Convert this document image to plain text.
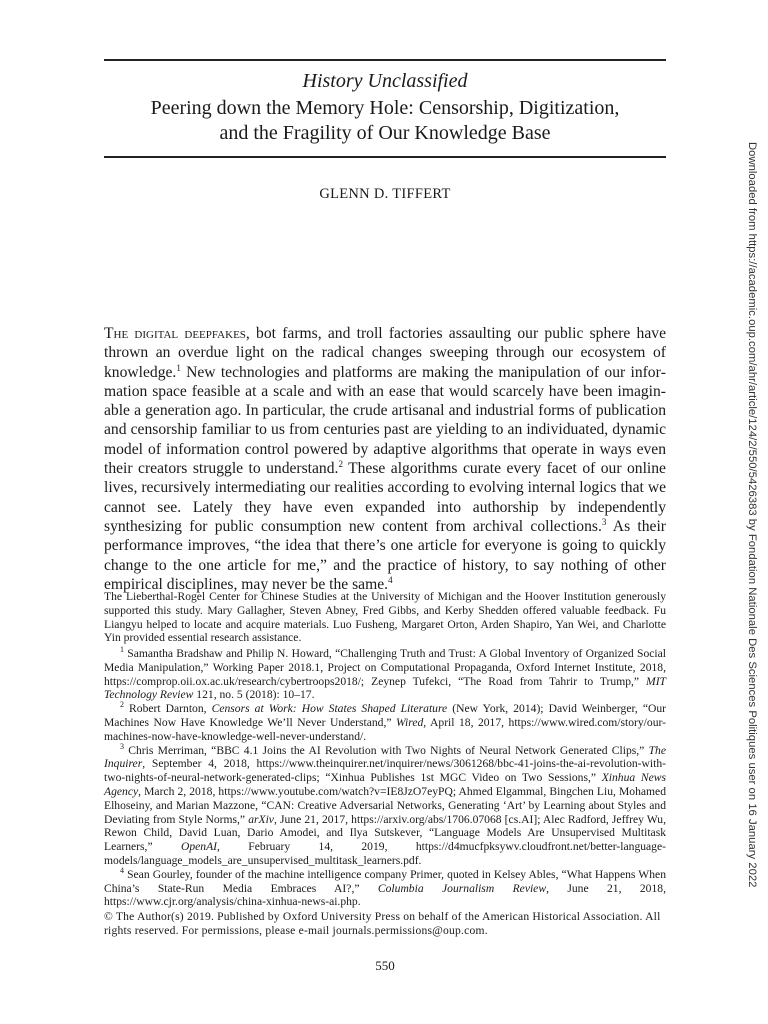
History Unclassified

Peering down the Memory Hole: Censorship, Digitization,
and the Fragility of Our Knowledge Base
GLENN D. TIFFERT

The digital deepfakes, bot farms, and troll factories assaulting our public sphere have thrown an overdue light on the radical changes sweeping through our ecosystem of knowledge.$^1$ New technologies and platforms are making the manipulation of our information space feasible at a scale and with an ease that would scarcely have been imaginable a generation ago. In particular, the crude artisanal and industrial forms of publication and censorship familiar to us from centuries past are yielding to an individuated, dynamic model of information control powered by adaptive algorithms that operate in ways even their creators struggle to understand.$^2$ These algorithms curate every facet of our online lives, recursively intermediating our realities according to evolving internal logics that we cannot see. Lately they have even expanded into authorship by independently synthesizing for public consumption new content from archival collections.$^3$ As their performance improves, “the idea that there’s one article for everyone is going to quickly change to the one article for me,” and the practice of history, to say nothing of other empirical disciplines, may never be the same.$^4$

The Lieberthal-Rogel Center for Chinese Studies at the University of Michigan and the Hoover Institution generously supported this study. Mary Gallagher, Steven Abney, Fred Gibbs, and Kerby Shedden offered valuable feedback. Fu Liangyu helped to locate and acquire materials. Luo Fusheng, Margaret Orton, Arden Shapiro, Yan Wei, and Charlotte Yin provided essential research assistance.

$^1$ Samantha Bradshaw and Philip N. Howard, “Challenging Truth and Trust: A Global Inventory of Organized Social Media Manipulation,” Working Paper 2018.1, Project on Computational Propaganda, Oxford Internet Institute, 2018, https://comprop.oii.ox.ac.uk/research/cybertroops2018/; Zeynep Tufekci, “The Road from Tahrir to Trump,” MIT Technology Review 121, no. 5 (2018): 10–17.

$^2$ Robert Darnton, Censors at Work: How States Shaped Literature (New York, 2014); David Weinberger, “Our Machines Now Have Knowledge We’ll Never Understand,” Wired, April 18, 2017, https://www.wired.com/story/our-machines-now-have-knowledge-well-never-understand/.

$^3$ Chris Merriman, “BBC 4.1 Joins the AI Revolution with Two Nights of Neural Network Generated Clips,” The Inquirer, September 4, 2018, https://www.theinquirer.net/inquirer/news/3061268/bbc-41-joins-the-ai-revolution-with-two-nights-of-neural-network-generated-clips; “Xinhua Publishes 1st MGC Video on Two Sessions,” Xinhua News Agency, March 2, 2018, https://www.youtube.com/watch?v=IE8JzO7eyPQ; Ahmed Elgammal, Bingchen Liu, Mohamed Elhoseiny, and Marian Mazzone, “CAN: Creative Adversarial Networks, Generating ‘Art’ by Learning about Styles and Deviating from Style Norms,” arXiv, June 21, 2017, https://arxiv.org/abs/1706.07068 [cs.AI]; Alec Radford, Jeffrey Wu, Rewon Child, David Luan, Dario Amodei, and Ilya Sutskever, “Language Models Are Unsupervised Multitask Learners,” OpenAI, February 14, 2019, https://d4mucfpksywv.cloudfront.net/better-language-models/language_models_are_unsupervised_multitask_learners.pdf.

$^4$ Sean Gourley, founder of the machine intelligence company Primer, quoted in Kelsey Ables, “What Happens When China’s State-Run Media Embraces AI?,” Columbia Journalism Review, June 21, 2018, https://www.cjr.org/analysis/china-xinhua-news-ai.php.

© The Author(s) 2019. Published by Oxford University Press on behalf of the American Historical Association. All rights reserved. For permissions, please e-mail journals.permissions@oup.com.

550
Downloaded from https://academic.oup.com/ahr/article/124/2/550/5426383 by Fondation Nationale Des Sciences Politiques user on 16 January 2022
